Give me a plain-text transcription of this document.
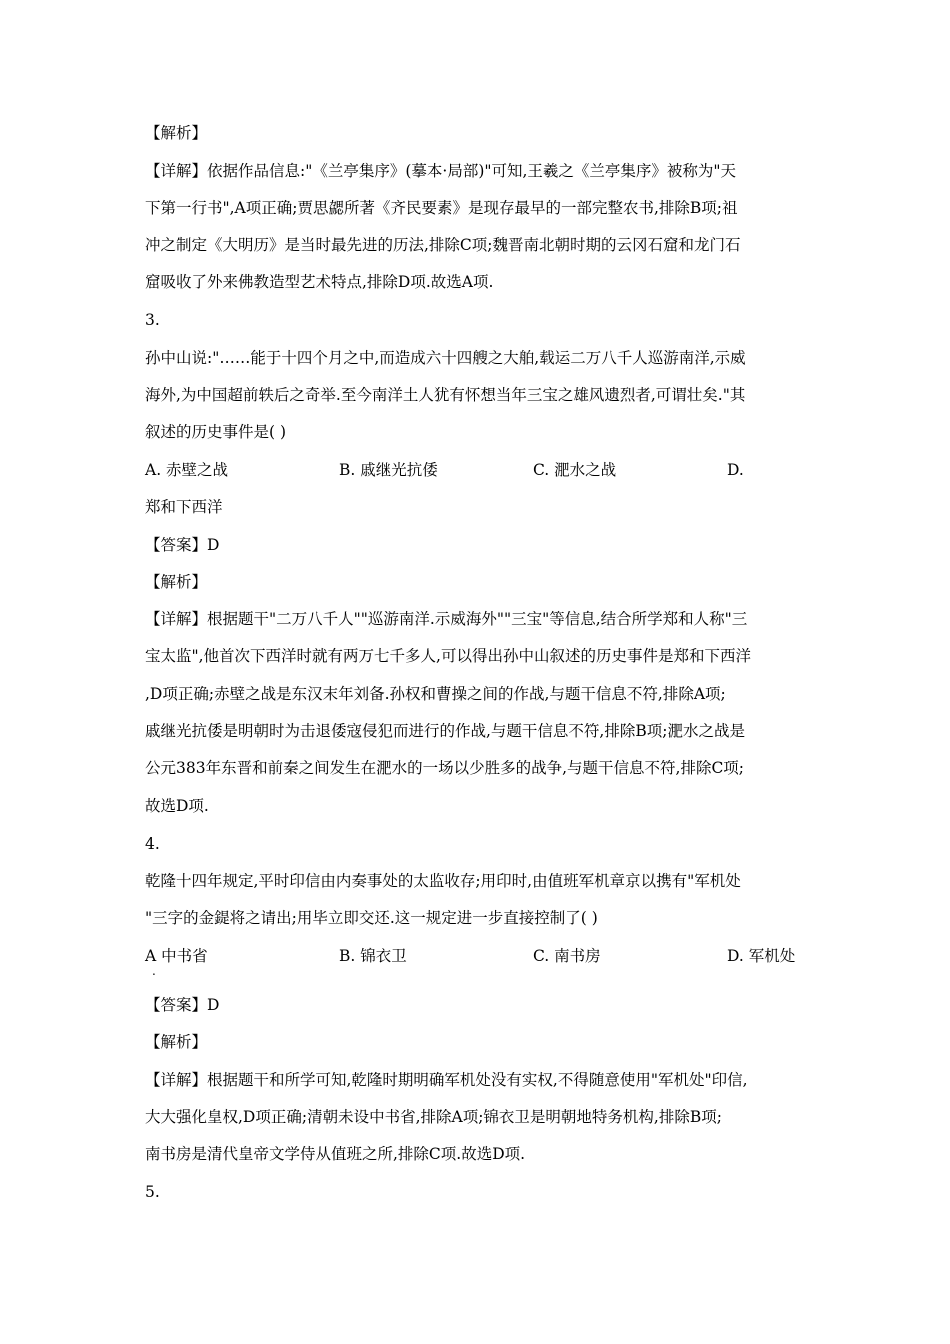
【解析】
【详解】依据作品信息:"《兰亭集序》(摹本·局部)"可知,王羲之《兰亭集序》被称为"天
下第一行书",A项正确;贾思勰所著《齐民要素》是现存最早的一部完整农书,排除B项;祖
冲之制定《大明历》是当时最先进的历法,排除C项;魏晋南北朝时期的云冈石窟和龙门石
窟吸收了外来佛教造型艺术特点,排除D项.故选A项.
3.
孙中山说:"……能于十四个月之中,而造成六十四艘之大舶,载运二万八千人巡游南洋,示威
海外,为中国超前轶后之奇举.至今南洋土人犹有怀想当年三宝之雄风遗烈者,可谓壮矣."其
叙述的历史事件是( )
A. 赤壁之战	B. 戚继光抗倭	C. 淝水之战	D.
郑和下西洋
【答案】D
【解析】
【详解】根据题干"二万八千人""巡游南洋.示威海外""三宝"等信息,结合所学郑和人称"三
宝太监",他首次下西洋时就有两万七千多人,可以得出孙中山叙述的历史事件是郑和下西洋
,D项正确;赤壁之战是东汉末年刘备.孙权和曹操之间的作战,与题干信息不符,排除A项;
戚继光抗倭是明朝时为击退倭寇侵犯而进行的作战,与题干信息不符,排除B项;淝水之战是
公元383年东晋和前秦之间发生在淝水的一场以少胜多的战争,与题干信息不符,排除C项;
故选D项.
4.
乾隆十四年规定,平时印信由内奏事处的太监收存;用印时,由值班军机章京以携有"军机处
"三字的金鍉将之请出;用毕立即交还.这一规定进一步直接控制了( )
A 中书省
.
B. 锦衣卫	C. 南书房	D. 军机处
【答案】D
【解析】
【详解】根据题干和所学可知,乾隆时期明确军机处没有实权,不得随意使用"军机处"印信,
大大强化皇权,D项正确;清朝未设中书省,排除A项;锦衣卫是明朝地特务机构,排除B项;
南书房是清代皇帝文学侍从值班之所,排除C项.故选D项.
5.
